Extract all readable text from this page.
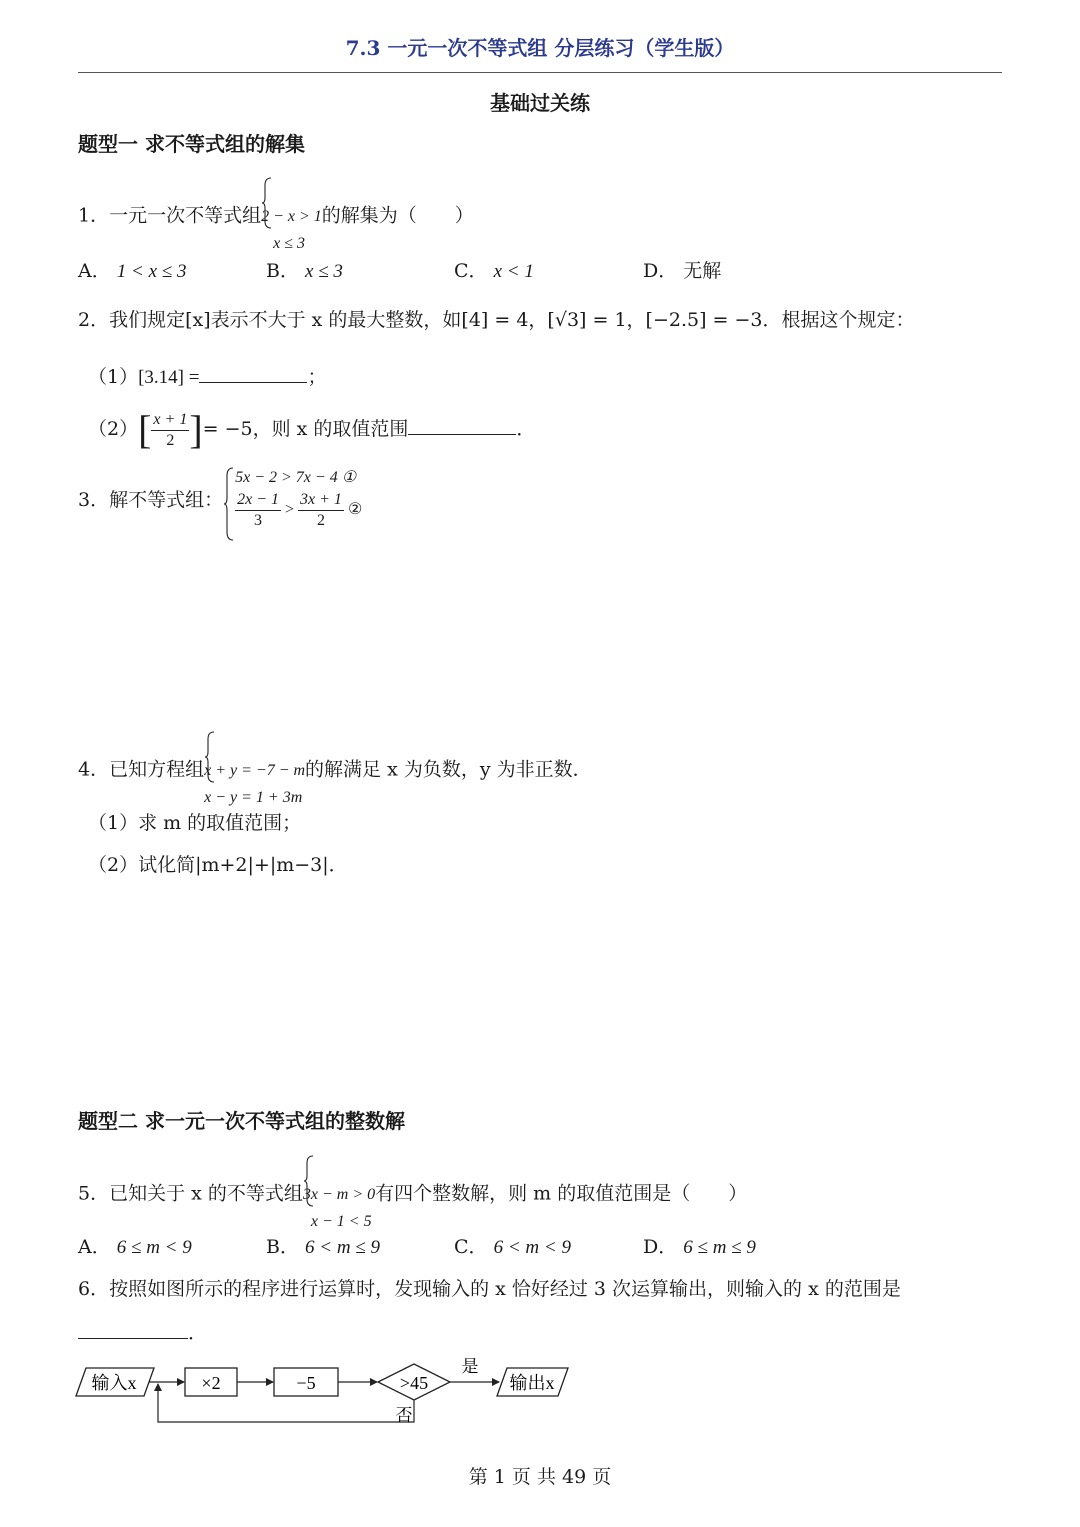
7.3 一元一次不等式组 分层练习（学生版）
基础过关练
题型一 求不等式组的解集
1．一元一次不等式组 2 − x > 1
x ≤ 3
的解集为（　　）
A． 1 < x ≤ 3	B． x ≤ 3	C． x < 1	D． 无解
2．我们规定[x]表示不大于 x 的最大整数，如[4] = 4，[√3] = 1，[−2.5] = −3．根据这个规定：
（1）[3.14] =	；
$(2)[ \frac{x + 1}{2}$ ]= −5，则 x 的取值范围	．
3．解不等式组：
5x − 2 > 7x − 4 ①
$\frac{2x - 1}{3} > \frac{3x + 1}{2}$ ②
4．已知方程组 x + y = −7 − m
x − y = 1 + 3m
的解满足 x 为负数，y 为非正数．
（1）求 m 的取值范围；
（2）试化简|m+2|+|m−3|．
题型二 求一元一次不等式组的整数解
5．已知关于 x 的不等式组 3x − m > 0
x − 1 < 5
有四个整数解，则 m 的取值范围是（　　）
A． 6 ≤ m < 9	B． 6 < m ≤ 9	C． 6 < m < 9	D． 6 ≤ m ≤ 9
6．按照如图所示的程序进行运算时，发现输入的 x 恰好经过 3 次运算输出，则输入的 x 的范围是
．
输入x	×2	−5	>45
是
输出x
否
第 1 页 共 49 页
